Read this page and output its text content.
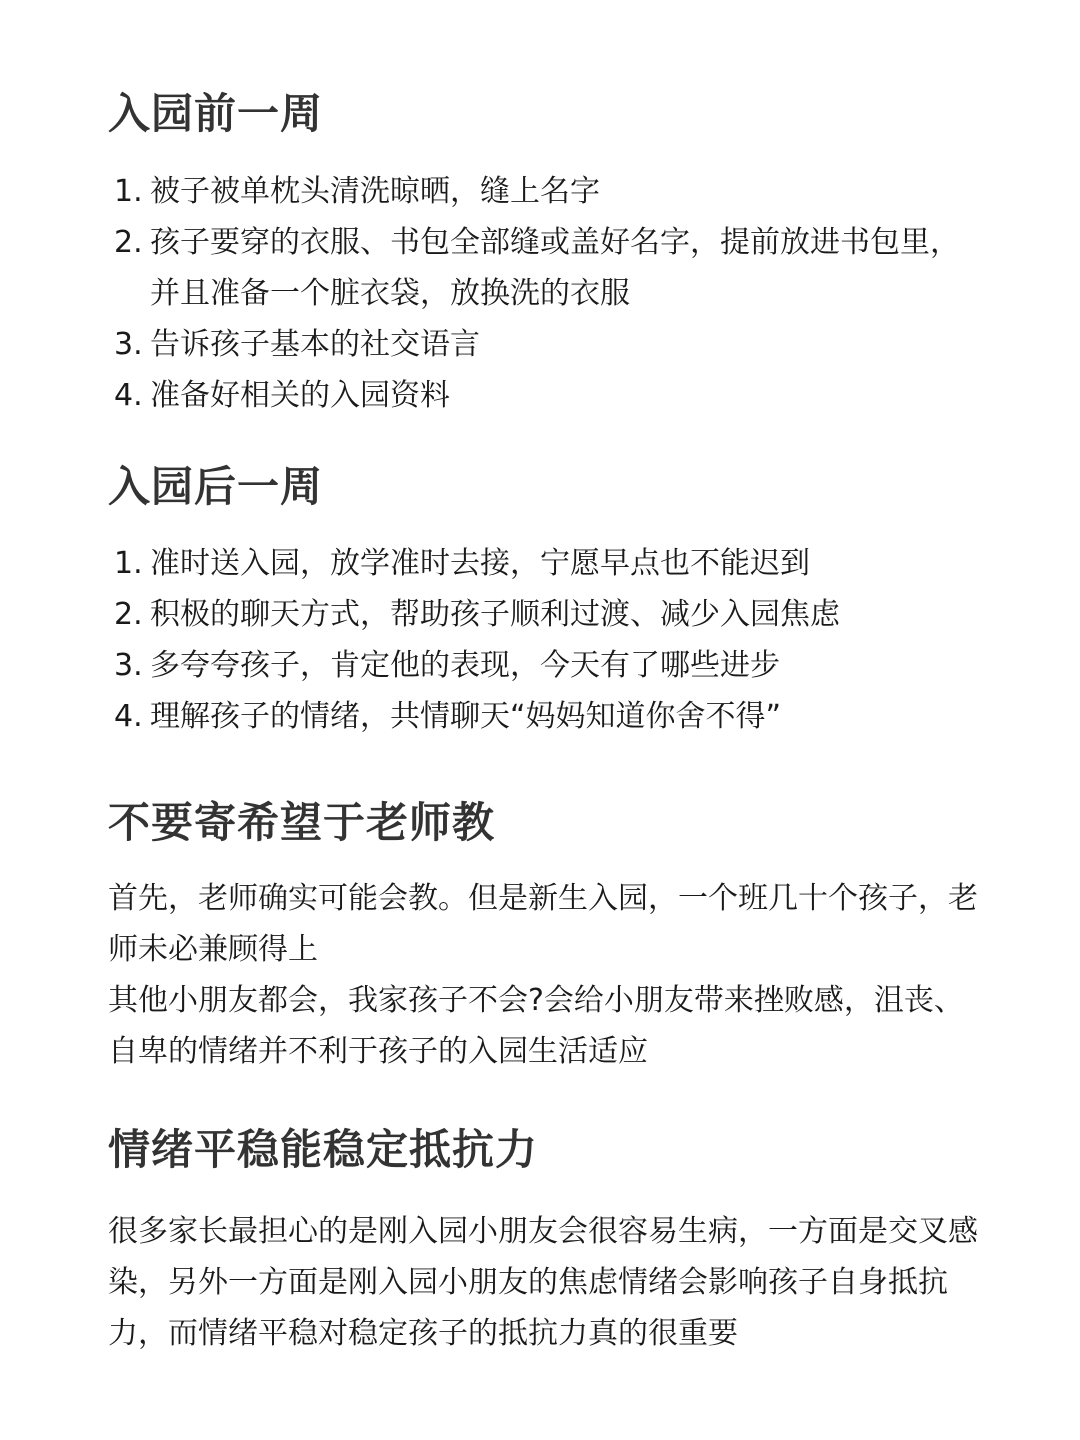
入园前一周
1. 被子被单枕头清洗晾晒，缝上名字
2. 孩子要穿的衣服、书包全部缝或盖好名字，提前放进书包里，并且准备一个脏衣袋，放换洗的衣服
3. 告诉孩子基本的社交语言
4. 准备好相关的入园资料
入园后一周
1. 准时送入园，放学准时去接，宁愿早点也不能迟到
2. 积极的聊天方式，帮助孩子顺利过渡、减少入园焦虑
3. 多夸夸孩子，肯定他的表现，今天有了哪些进步
4. 理解孩子的情绪，共情聊天“妈妈知道你舍不得”
不要寄希望于老师教

首先，老师确实可能会教。但是新生入园，一个班几十个孩子，老师未必兼顾得上

其他小朋友都会，我家孩子不会?会给小朋友带来挫败感，沮丧、自卑的情绪并不利于孩子的入园生活适应

情绪平稳能稳定抵抗力

很多家长最担心的是刚入园小朋友会很容易生病，一方面是交叉感染，另外一方面是刚入园小朋友的焦虑情绪会影响孩子自身抵抗力，而情绪平稳对稳定孩子的抵抗力真的很重要
